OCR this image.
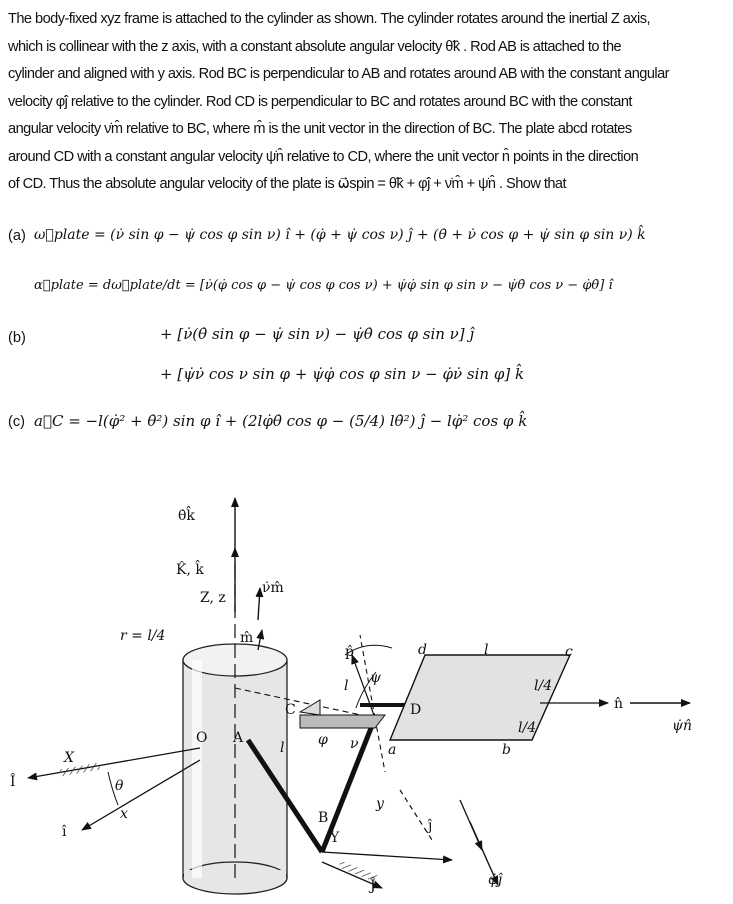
The body-fixed xyz frame is attached to the cylinder as shown. The cylinder rotates around the inertial Z axis,

which is collinear with the z axis, with a constant absolute angular velocity θ̇k̂ . Rod AB is attached to the

cylinder and aligned with y axis. Rod BC is perpendicular to AB and rotates around AB with the constant angular

velocity φ̇ĵ relative to the cylinder. Rod CD is perpendicular to BC and rotates around BC with the constant

angular velocity ν̇m̂ relative to BC, where m̂ is the unit vector in the direction of BC. The plate abcd rotates

around CD with a constant angular velocity ψ̇n̂ relative to CD, where the unit vector n̂ points in the direction

of CD. Thus the absolute angular velocity of the plate is ω⃗spin = θ̇k̂ + φ̇ĵ + ν̇m̂ + ψ̇n̂ . Show that

(a) ω⃗plate = (ν̇ sin φ − ψ̇ cos φ sin ν) î + (φ̇ + ψ̇ cos ν) ĵ + (θ̇ + ν̇ cos φ + ψ̇ sin φ sin ν) k̂
(b)
α⃗plate = dω⃗plate/dt = [ν̇(φ̇ cos φ − ψ̇ cos φ cos ν) + ψ̇φ̇ sin φ sin ν − ψ̇θ̇ cos ν − φ̇θ̇] î
+ [ν̇(θ̇ sin φ − ψ̇ sin ν) − ψ̇θ̇ cos φ sin ν] ĵ
+ [ψ̇ν̇ cos ν sin φ + ψ̇φ̇ cos φ sin ν − φ̇ν̇ sin φ] k̂
(c) a⃗C = −l(φ̇² + θ̇²) sin φ î + (2lφ̇θ̇ cos φ − (5/4) lθ̇²) ĵ − lφ̇² cos φ k̂
θ̇k̂
K̂, k̂
Z, z
ν̇m̂
r = l/4	m̂
p̂
l ψ
d	l	c
l/4
D
l/4
n̂
C
O A	φ ν
l	a	b
ψ̇n̂
X
θ
x
Î
î
B
y
Y
ĵ
Ĵ	φ̇ĵ
